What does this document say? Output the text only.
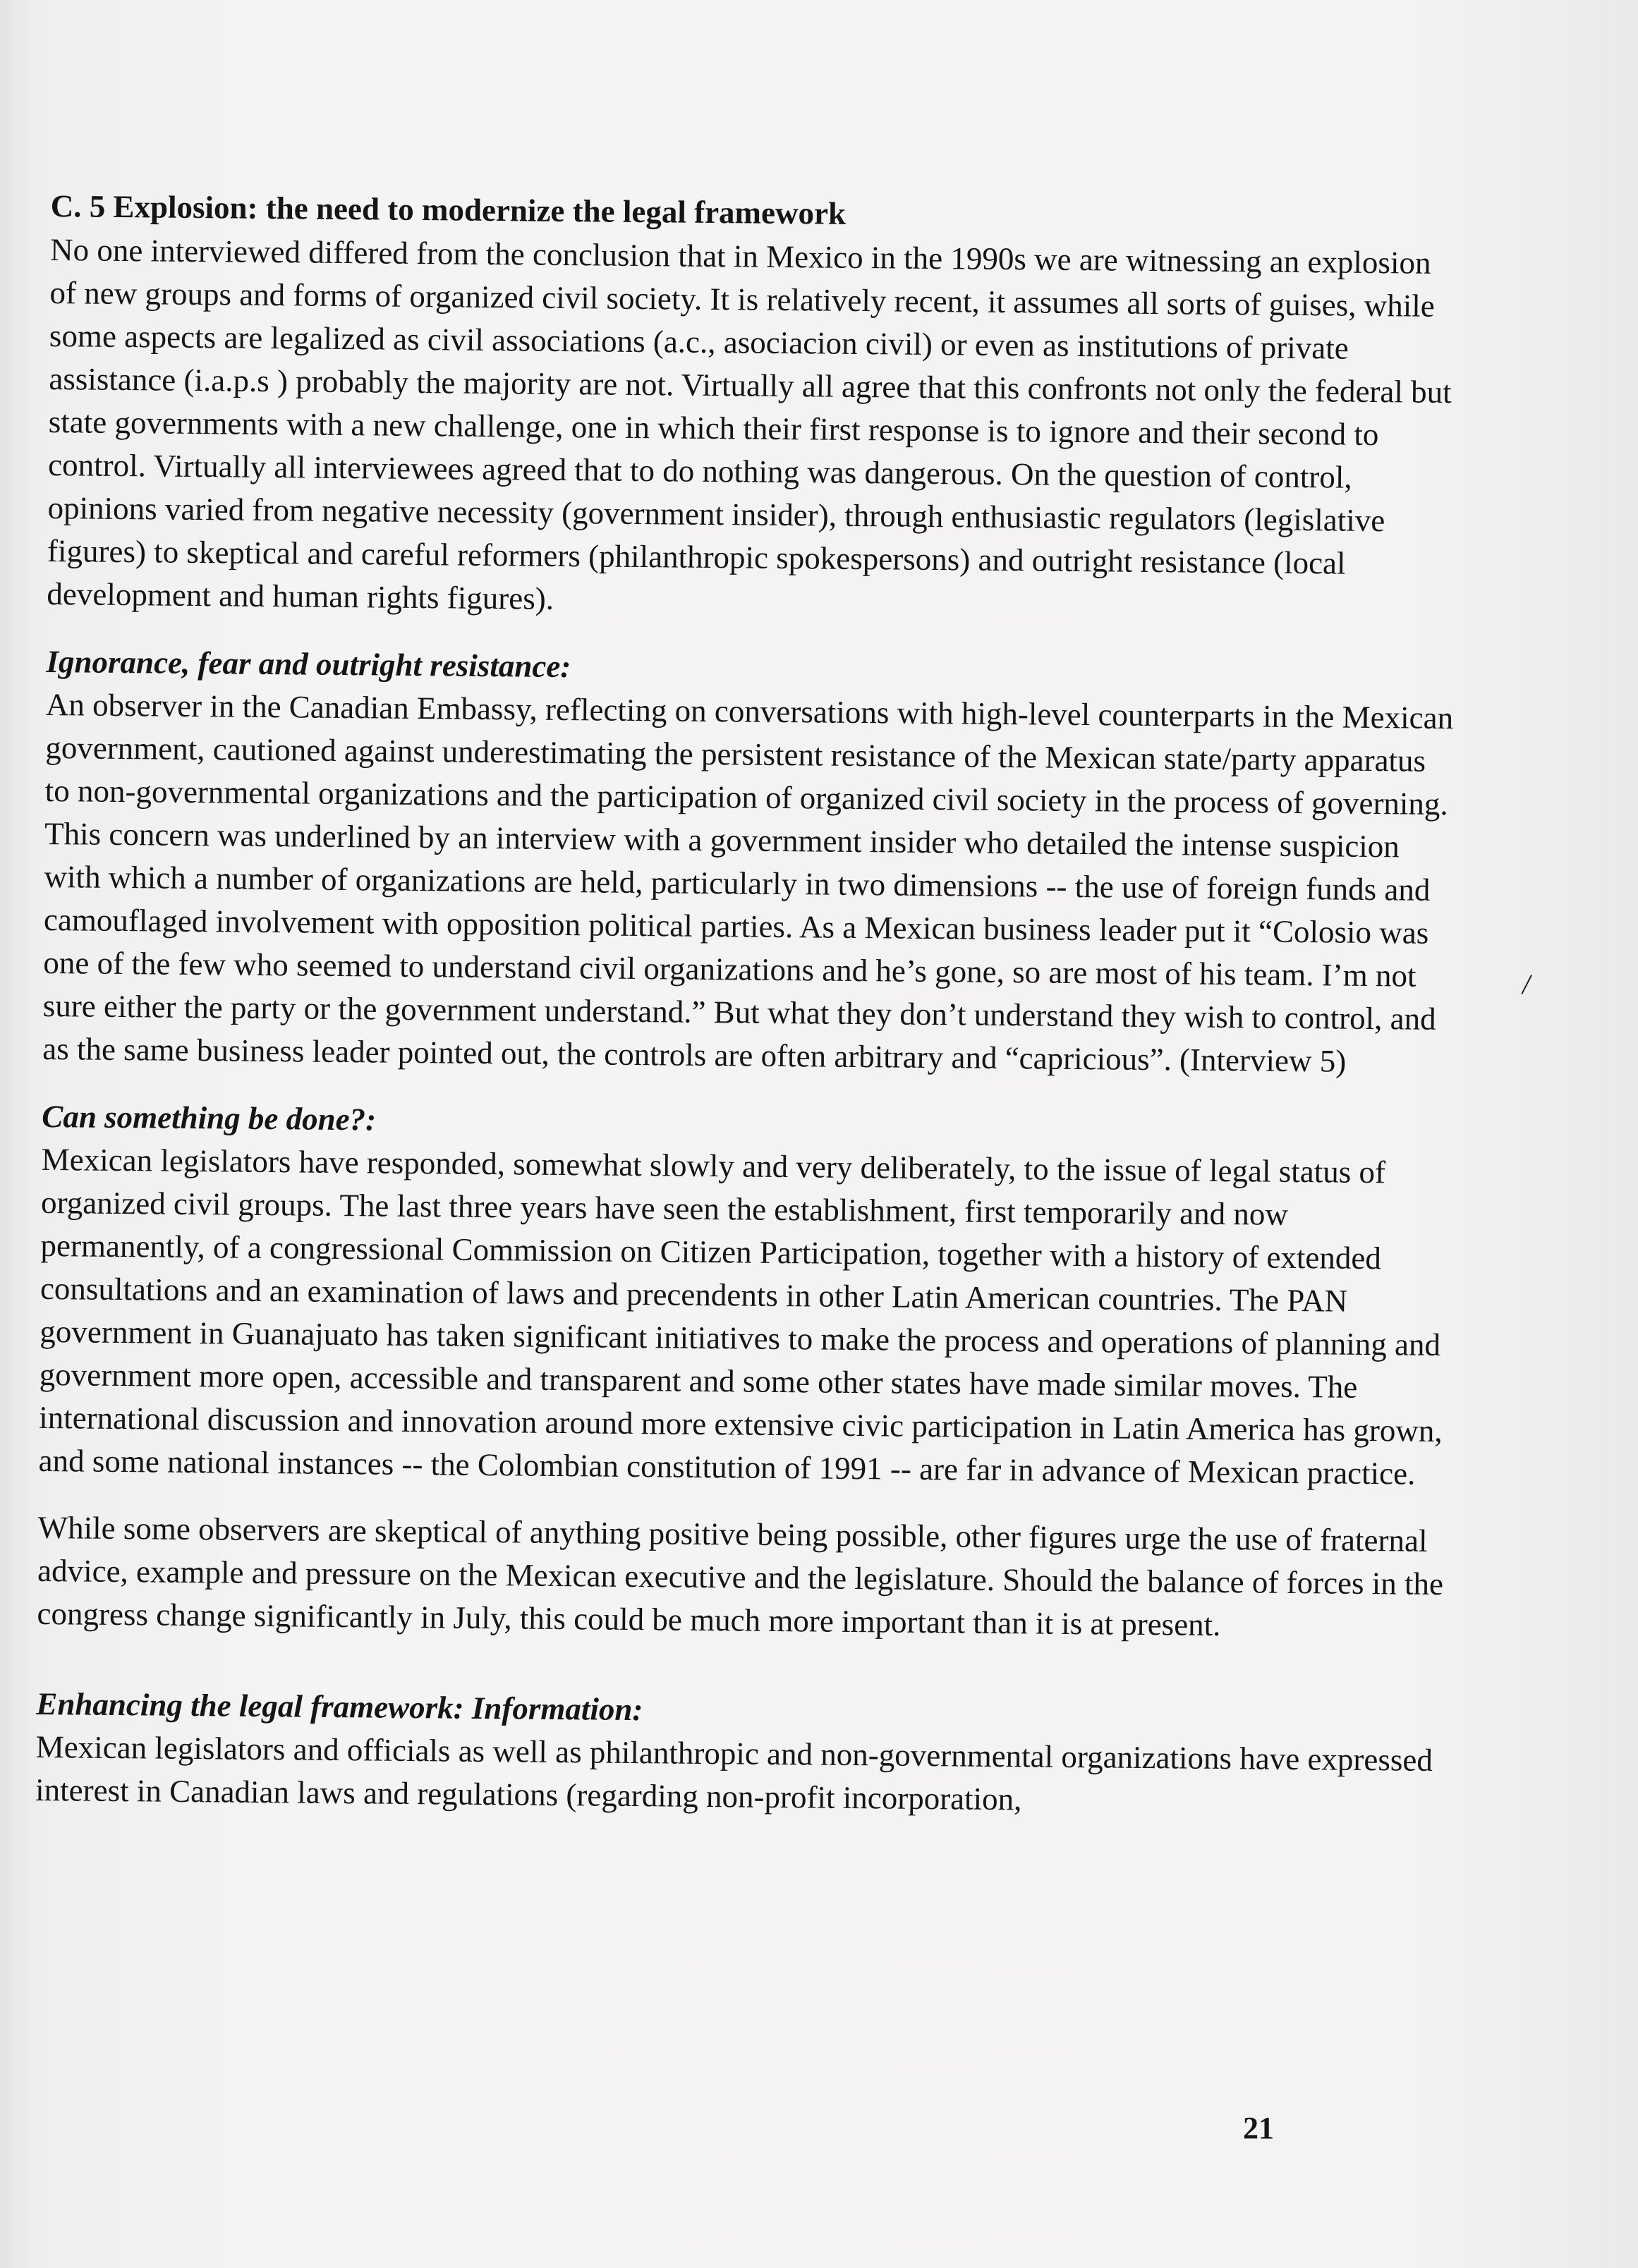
C. 5 Explosion: the need to modernize the legal framework

No one interviewed differed from the conclusion that in Mexico in the 1990s we are witnessing an explosion of new groups and forms of organized civil society. It is relatively recent, it assumes all sorts of guises, while some aspects are legalized as civil associations (a.c., asociacion civil) or even as institutions of private assistance (i.a.p.s ) probably the majority are not. Virtually all agree that this confronts not only the federal but state governments with a new challenge, one in which their first response is to ignore and their second to control. Virtually all interviewees agreed that to do nothing was dangerous. On the question of control, opinions varied from negative necessity (government insider), through enthusiastic regulators (legislative figures) to skeptical and careful reformers (philanthropic spokespersons) and outright resistance (local development and human rights figures).

Ignorance, fear and outright resistance:

An observer in the Canadian Embassy, reflecting on conversations with high-level counterparts in the Mexican government, cautioned against underestimating the persistent resistance of the Mexican state/party apparatus to non-governmental organizations and the participation of organized civil society in the process of governing. This concern was underlined by an interview with a government insider who detailed the intense suspicion with which a number of organizations are held, particularly in two dimensions -- the use of foreign funds and camouflaged involvement with opposition political parties. As a Mexican business leader put it “Colosio was one of the few who seemed to understand civil organizations and he’s gone, so are most of his team. I’m not sure either the party or the government understand.” But what they don’t understand they wish to control, and as the same business leader pointed out, the controls are often arbitrary and “capricious”. (Interview 5)

Can something be done?:

Mexican legislators have responded, somewhat slowly and very deliberately, to the issue of legal status of organized civil groups. The last three years have seen the establishment, first temporarily and now permanently, of a congressional Commission on Citizen Participation, together with a history of extended consultations and an examination of laws and precendents in other Latin American countries. The PAN government in Guanajuato has taken significant initiatives to make the process and operations of planning and government more open, accessible and transparent and some other states have made similar moves. The international discussion and innovation around more extensive civic participation in Latin America has grown, and some national instances -- the Colombian constitution of 1991 -- are far in advance of Mexican practice.

While some observers are skeptical of anything positive being possible, other figures urge the use of fraternal advice, example and pressure on the Mexican executive and the legislature. Should the balance of forces in the congress change significantly in July, this could be much more important than it is at present.

Enhancing the legal framework: Information:

Mexican legislators and officials as well as philanthropic and non-governmental organizations have expressed interest in Canadian laws and regulations (regarding non-profit incorporation,

/
21
